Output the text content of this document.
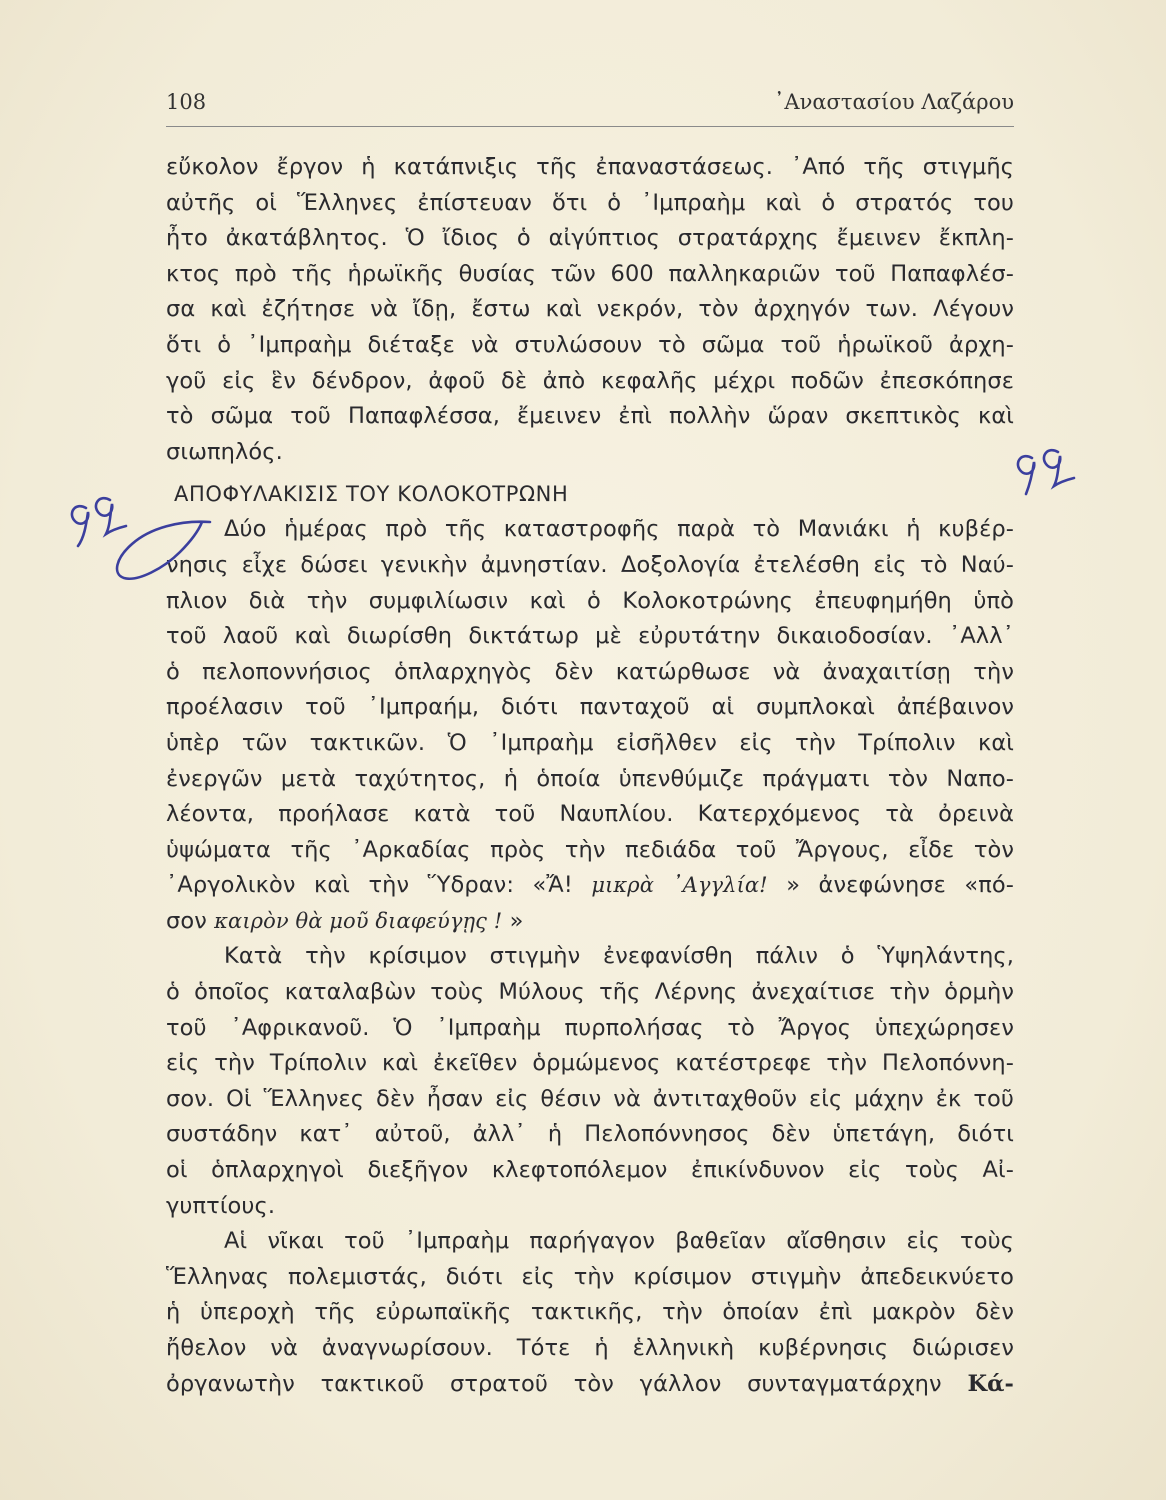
108	᾿Αναστασίου Λαζάρου
εὔκολον ἔργον ἡ κατάπνιξις τῆς ἐπαναστάσεως. ᾿Από τῆς στιγμῆς
αὐτῆς οἱ Ἕλληνες ἐπίστευαν ὅτι ὁ ᾿Ιμπραὴμ καὶ ὁ στρατός του
ἦτο ἀκατάβλητος. Ὁ ἴδιος ὁ αἰγύπτιος στρατάρχης ἔμεινεν ἔκπλη-
κτος πρὸ τῆς ἡρωϊκῆς θυσίας τῶν 600 παλληκαριῶν τοῦ Παπαφλέσ-
σα καὶ ἐζήτησε νὰ ἴδῃ, ἔστω καὶ νεκρόν, τὸν ἀρχηγόν των. Λέγουν
ὅτι ὁ ᾿Ιμπραὴμ διέταξε νὰ στυλώσουν τὸ σῶμα τοῦ ἡρωϊκοῦ ἀρχη-
γοῦ εἰς ἓν δένδρον, ἀφοῦ δὲ ἀπὸ κεφαλῆς μέχρι ποδῶν ἐπεσκόπησε
τὸ σῶμα τοῦ Παπαφλέσσα, ἔμεινεν ἐπὶ πολλὴν ὥραν σκεπτικὸς καὶ
σιωπηλός.
ΑΠΟΦΥΛΑΚΙΣΙΣ ΤΟΥ ΚΟΛΟΚΟΤΡΩΝΗ
Δύο ἡμέρας πρὸ τῆς καταστροφῆς παρὰ τὸ Μανιάκι ἡ κυβέρ-
νησις εἶχε δώσει γενικὴν ἀμνηστίαν. Δοξολογία ἐτελέσθη εἰς τὸ Ναύ-
πλιον διὰ τὴν συμφιλίωσιν καὶ ὁ Κολοκοτρώνης ἐπευφημήθη ὑπὸ
τοῦ λαοῦ καὶ διωρίσθη δικτάτωρ μὲ εὐρυτάτην δικαιοδοσίαν. ᾿Αλλ᾿
ὁ πελοποννήσιος ὁπλαρχηγὸς δὲν κατώρθωσε νὰ ἀναχαιτίσῃ τὴν
προέλασιν τοῦ ᾿Ιμπραήμ, διότι πανταχοῦ αἱ συμπλοκαὶ ἀπέβαινον
ὑπὲρ τῶν τακτικῶν. Ὁ ᾿Ιμπραὴμ εἰσῆλθεν εἰς τὴν Τρίπολιν καὶ
ἐνεργῶν μετὰ ταχύτητος, ἡ ὁποία ὑπενθύμιζε πράγματι τὸν Ναπο-
λέοντα, προήλασε κατὰ τοῦ Ναυπλίου. Κατερχόμενος τὰ ὀρεινὰ
ὑψώματα τῆς ᾿Αρκαδίας πρὸς τὴν πεδιάδα τοῦ Ἄργους, εἶδε τὸν
᾿Αργολικὸν καὶ τὴν Ὕδραν: «Ἄ! μικρὰ ᾿Αγγλία! » ἀνεφώνησε «πό-
σον καιρὸν θὰ μοῦ διαφεύγῃς ! »
Κατὰ τὴν κρίσιμον στιγμὴν ἐνεφανίσθη πάλιν ὁ Ὑψηλάντης,
ὁ ὁποῖος καταλαβὼν τοὺς Μύλους τῆς Λέρνης ἀνεχαίτισε τὴν ὁρμὴν
τοῦ ᾿Αφρικανοῦ. Ὁ ᾿Ιμπραὴμ πυρπολήσας τὸ Ἄργος ὑπεχώρησεν
εἰς τὴν Τρίπολιν καὶ ἐκεῖθεν ὁρμώμενος κατέστρεφε τὴν Πελοπόννη-
σον. Οἱ Ἕλληνες δὲν ἦσαν εἰς θέσιν νὰ ἀντιταχθοῦν εἰς μάχην ἐκ τοῦ
συστάδην κατ᾿ αὐτοῦ, ἀλλ᾿ ἡ Πελοπόννησος δὲν ὑπετάγη, διότι
οἱ ὁπλαρχηγοὶ διεξῆγον κλεφτοπόλεμον ἐπικίνδυνον εἰς τοὺς Αἰ-
γυπτίους.
Αἱ νῖκαι τοῦ ᾿Ιμπραὴμ παρήγαγον βαθεῖαν αἴσθησιν εἰς τοὺς
Ἕλληνας πολεμιστάς, διότι εἰς τὴν κρίσιμον στιγμὴν ἀπεδεικνύετο
ἡ ὑπεροχὴ τῆς εὐρωπαϊκῆς τακτικῆς, τὴν ὁποίαν ἐπὶ μακρὸν δὲν
ἤθελον νὰ ἀναγνωρίσουν. Τότε ἡ ἑλληνικὴ κυβέρνησις διώρισεν
ὀργανωτὴν τακτικοῦ στρατοῦ τὸν γάλλον συνταγματάρχην Κά-
